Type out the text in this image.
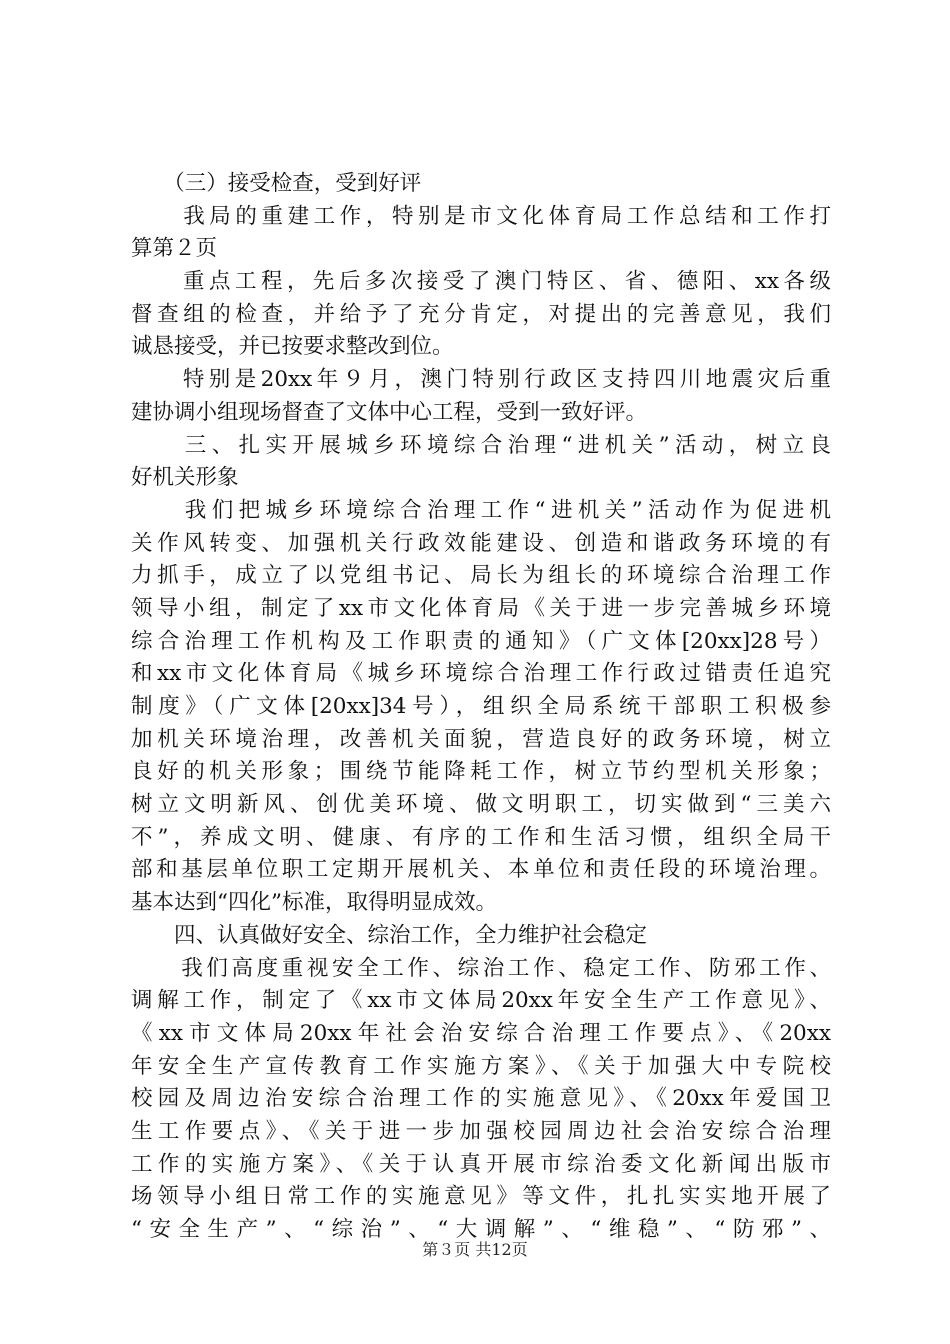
　　（三）接受检查，受到好评
　　我局的重建工作，特别是市文化体育局工作总结和工作打
算第２页
　　重点工程，先后多次接受了澳门特区、省、德阳、xx各级
督查组的检查，并给予了充分肯定，对提出的完善意见，我们
诚恳接受，并已按要求整改到位。
　　特别是20xx年９月，澳门特别行政区支持四川地震灾后重
建协调小组现场督查了文体中心工程，受到一致好评。
　　三、扎实开展城乡环境综合治理“进机关”活动，树立良
好机关形象
　　我们把城乡环境综合治理工作“进机关”活动作为促进机
关作风转变、加强机关行政效能建设、创造和谐政务环境的有
力抓手，成立了以党组书记、局长为组长的环境综合治理工作
领导小组，制定了xx市文化体育局《关于进一步完善城乡环境
综合治理工作机构及工作职责的通知》（广文体[20xx]28号）
和xx市文化体育局《城乡环境综合治理工作行政过错责任追究
制度》（广文体[20xx]34号），组织全局系统干部职工积极参
加机关环境治理，改善机关面貌，营造良好的政务环境，树立
良好的机关形象；围绕节能降耗工作，树立节约型机关形象；
树立文明新风、创优美环境、做文明职工，切实做到“三美六
不”，养成文明、健康、有序的工作和生活习惯，组织全局干
部和基层单位职工定期开展机关、本单位和责任段的环境治理。
基本达到“四化”标准，取得明显成效。
　　四、认真做好安全、综治工作，全力维护社会稳定
　　我们高度重视安全工作、综治工作、稳定工作、防邪工作、
调解工作，制定了《xx市文体局20xx年安全生产工作意见》、
《xx市文体局20xx年社会治安综合治理工作要点》、《20xx
年安全生产宣传教育工作实施方案》、《关于加强大中专院校
校园及周边治安综合治理工作的实施意见》、《20xx年爱国卫
生工作要点》、《关于进一步加强校园周边社会治安综合治理
工作的实施方案》、《关于认真开展市综治委文化新闻出版市
场领导小组日常工作的实施意见》等文件，扎扎实实地开展了
“安全生产”、“综治”、“大调解”、“维稳”、“防邪”、
第３页 共12页
